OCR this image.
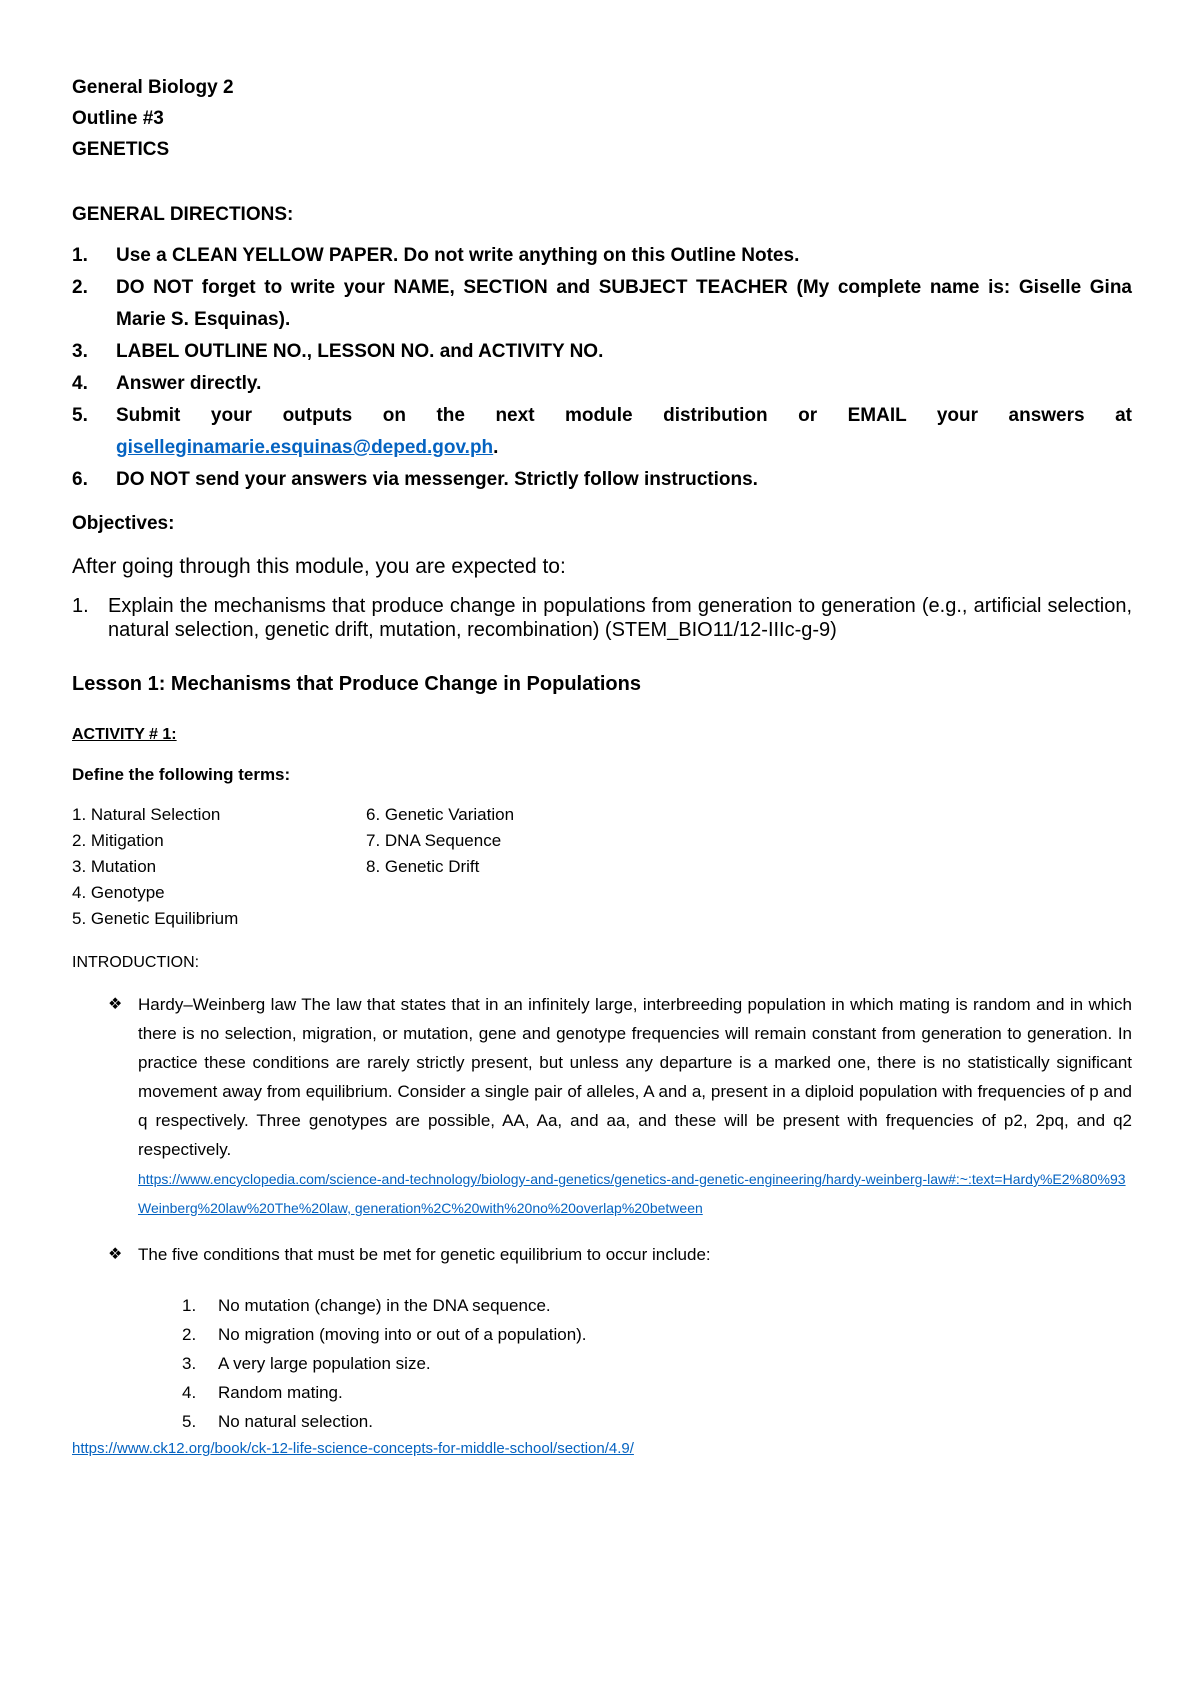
General Biology 2
Outline #3
GENETICS
GENERAL DIRECTIONS:
1.	Use a CLEAN YELLOW PAPER. Do not write anything on this Outline Notes.
2.	DO NOT forget to write your NAME, SECTION and SUBJECT TEACHER (My complete name is: Giselle Gina Marie S. Esquinas).
3.	LABEL OUTLINE NO., LESSON NO. and ACTIVITY NO.
4.	Answer directly.
5.	Submit your outputs on the next module distribution or EMAIL your answers at
giselleginamarie.esquinas@deped.gov.ph.
6.	DO NOT send your answers via messenger. Strictly follow instructions.
Objectives:
After going through this module, you are expected to:
1. Explain the mechanisms that produce change in populations from generation to generation (e.g., artificial selection, natural selection, genetic drift, mutation, recombination) (STEM_BIO11/12-IIIc-g-9)
Lesson 1: Mechanisms that Produce Change in Populations
ACTIVITY # 1:
Define the following terms:
1. Natural Selection
2. Mitigation
3. Mutation
4. Genotype
5. Genetic Equilibrium
6. Genetic Variation
7. DNA Sequence
8. Genetic Drift
INTRODUCTION:
❖ Hardy–Weinberg law The law that states that in an infinitely large, interbreeding population in which mating is random and in which there is no selection, migration, or mutation, gene and genotype frequencies will remain constant from generation to generation. In practice these conditions are rarely strictly present, but unless any departure is a marked one, there is no statistically significant movement away from equilibrium. Consider a single pair of alleles, A and a, present in a diploid population with frequencies of p and q respectively. Three genotypes are possible, AA, Aa, and aa, and these will be present with frequencies of p2, 2pq, and q2 respectively.
https://www.encyclopedia.com/science-and-technology/biology-and-genetics/genetics-and-genetic-engineering/hardy-weinberg-law#:~:text=Hardy%E2%80%93Weinberg%20law%20The%20law, generation%2C%20with%20no%20overlap%20between
❖ The five conditions that must be met for genetic equilibrium to occur include:
1.	No mutation (change) in the DNA sequence.
2.	No migration (moving into or out of a population).
3.	A very large population size.
4.	Random mating.
5.	No natural selection.
https://www.ck12.org/book/ck-12-life-science-concepts-for-middle-school/section/4.9/
